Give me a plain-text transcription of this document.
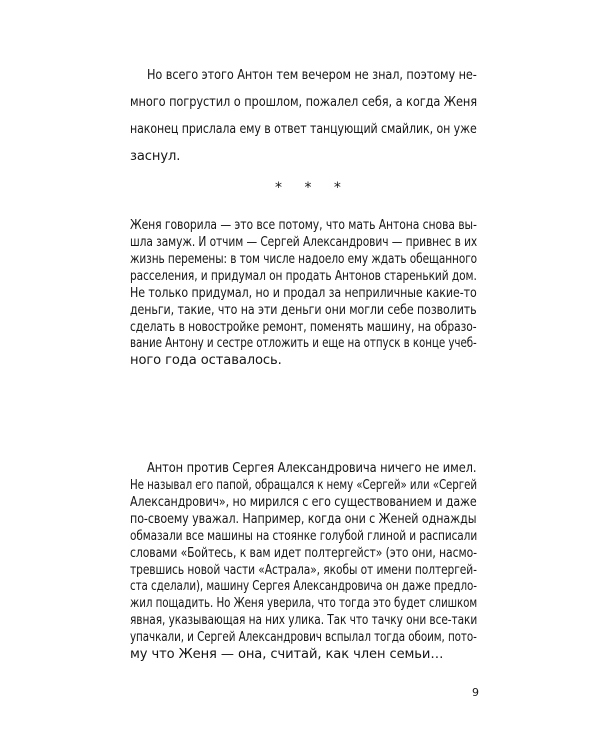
Но всего этого Антон тем вечером не знал, поэтому не-
много погрустил о прошлом, пожалел себя, а когда Женя
наконец прислала ему в ответ танцующий смайлик, он уже
заснул.
* * *
Женя говорила — это все потому, что мать Антона снова вы-
шла замуж. И отчим — Сергей Александрович — привнес в их
жизнь перемены: в том числе надоело ему ждать обещанного
расселения, и придумал он продать Антонов старенький дом.
Не только придумал, но и продал за неприличные какие-то
деньги, такие, что на эти деньги они могли себе позволить
сделать в новостройке ремонт, поменять машину, на образо-
вание Антону и сестре отложить и еще на отпуск в конце учеб-
ного года оставалось.
Антон против Сергея Александровича ничего не имел.
Не называл его папой, обращался к нему «Сергей» или «Сергей
Александрович», но мирился с его существованием и даже
по-своему уважал. Например, когда они с Женей однажды
обмазали все машины на стоянке голубой глиной и расписали
словами «Бойтесь, к вам идет полтергейст» (это они, насмо-
тревшись новой части «Астрала», якобы от имени полтергей-
ста сделали), машину Сергея Александровича он даже предло-
жил пощадить. Но Женя уверила, что тогда это будет слишком
явная, указывающая на них улика. Так что тачку они все-таки
упачкали, и Сергей Александрович вспылал тогда обоим, пото-
му что Женя — она, считай, как член семьи…
9
